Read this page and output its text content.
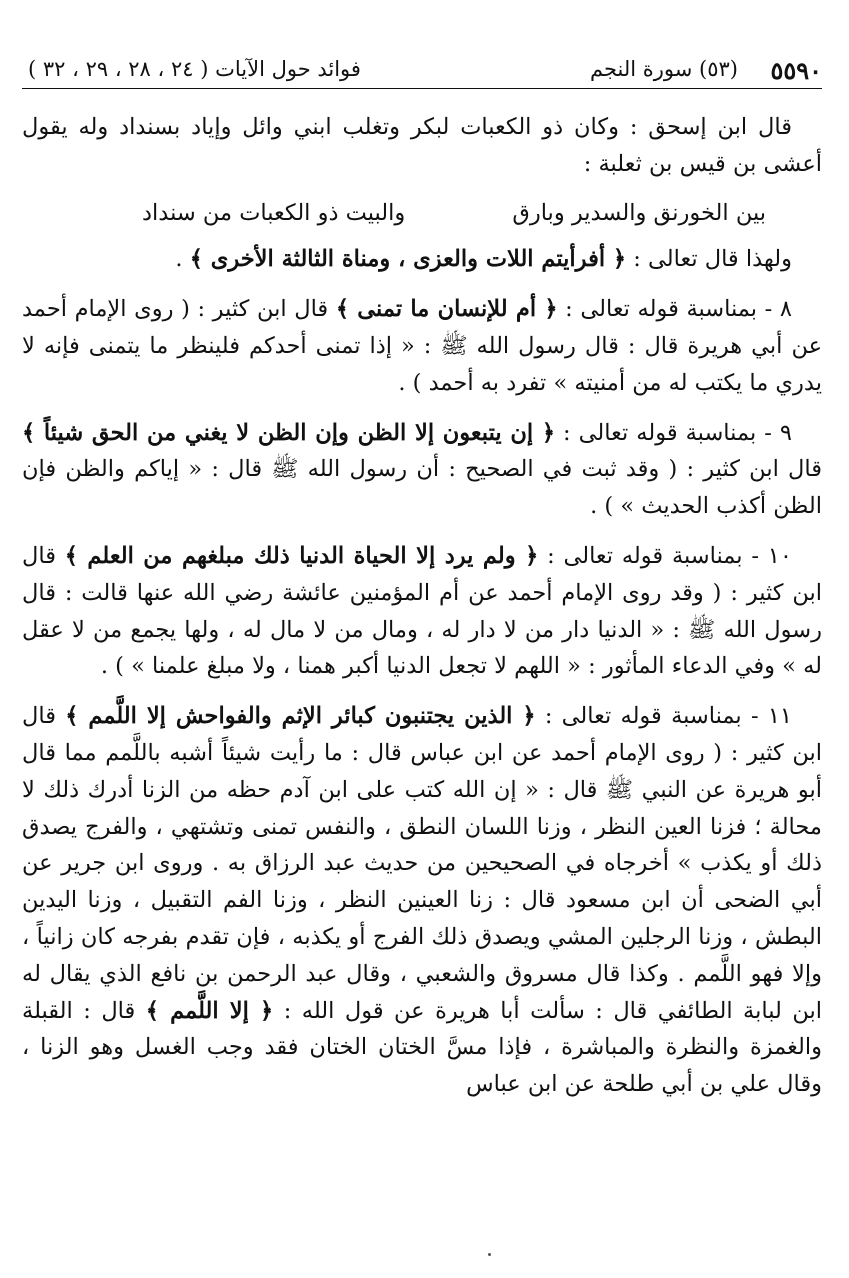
٥٥٩٠
(٥٣) سورة النجم
فوائد حول الآيات ( ٢٤ ، ٢٨ ، ٢٩ ، ٣٢ )

قال ابن إسحق : وكان ذو الكعبات لبكر وتغلب ابني وائل وإياد بسنداد وله يقول أعشى بن قيس بن ثعلبة :

بين الخورنق والسدير وبارق
والبيت ذو الكعبات من سنداد

ولهذا قال تعالى : ﴿ أفرأيتم اللات والعزى ، ومناة الثالثة الأخرى ﴾ .

٨ - بمناسبة قوله تعالى : ﴿ أم للإنسان ما تمنى ﴾ قال ابن كثير : ( روى الإمام أحمد عن أبي هريرة قال : قال رسول الله ﷺ : « إذا تمنى أحدكم فلينظر ما يتمنى فإنه لا يدري ما يكتب له من أمنيته » تفرد به أحمد ) .

٩ - بمناسبة قوله تعالى : ﴿ إن يتبعون إلا الظن وإن الظن لا يغني من الحق شيئاً ﴾ قال ابن كثير : ( وقد ثبت في الصحيح : أن رسول الله ﷺ قال : « إياكم والظن فإن الظن أكذب الحديث » ) .

١٠ - بمناسبة قوله تعالى : ﴿ ولم يرد إلا الحياة الدنيا ذلك مبلغهم من العلم ﴾ قال ابن كثير : ( وقد روى الإمام أحمد عن أم المؤمنين عائشة رضي الله عنها قالت : قال رسول الله ﷺ : « الدنيا دار من لا دار له ، ومال من لا مال له ، ولها يجمع من لا عقل له » وفي الدعاء المأثور : « اللهم لا تجعل الدنيا أكبر همنا ، ولا مبلغ علمنا » ) .

١١ - بمناسبة قوله تعالى : ﴿ الذين يجتنبون كبائر الإثم والفواحش إلا اللَّمم ﴾ قال ابن كثير : ( روى الإمام أحمد عن ابن عباس قال : ما رأيت شيئاً أشبه باللَّمم مما قال أبو هريرة عن النبي ﷺ قال : « إن الله كتب على ابن آدم حظه من الزنا أدرك ذلك لا محالة ؛ فزنا العين النظر ، وزنا اللسان النطق ، والنفس تمنى وتشتهي ، والفرج يصدق ذلك أو يكذب » أخرجاه في الصحيحين من حديث عبد الرزاق به . وروى ابن جرير عن أبي الضحى أن ابن مسعود قال : زنا العينين النظر ، وزنا الفم التقبيل ، وزنا اليدين البطش ، وزنا الرجلين المشي ويصدق ذلك الفرج أو يكذبه ، فإن تقدم بفرجه كان زانياً ، وإلا فهو اللَّمم . وكذا قال مسروق والشعبي ، وقال عبد الرحمن بن نافع الذي يقال له ابن لبابة الطائفي قال : سألت أبا هريرة عن قول الله : ﴿ إلا اللَّمم ﴾ قال : القبلة والغمزة والنظرة والمباشرة ، فإذا مسَّ الختان الختان فقد وجب الغسل وهو الزنا ، وقال علي بن أبي طلحة عن ابن عباس
